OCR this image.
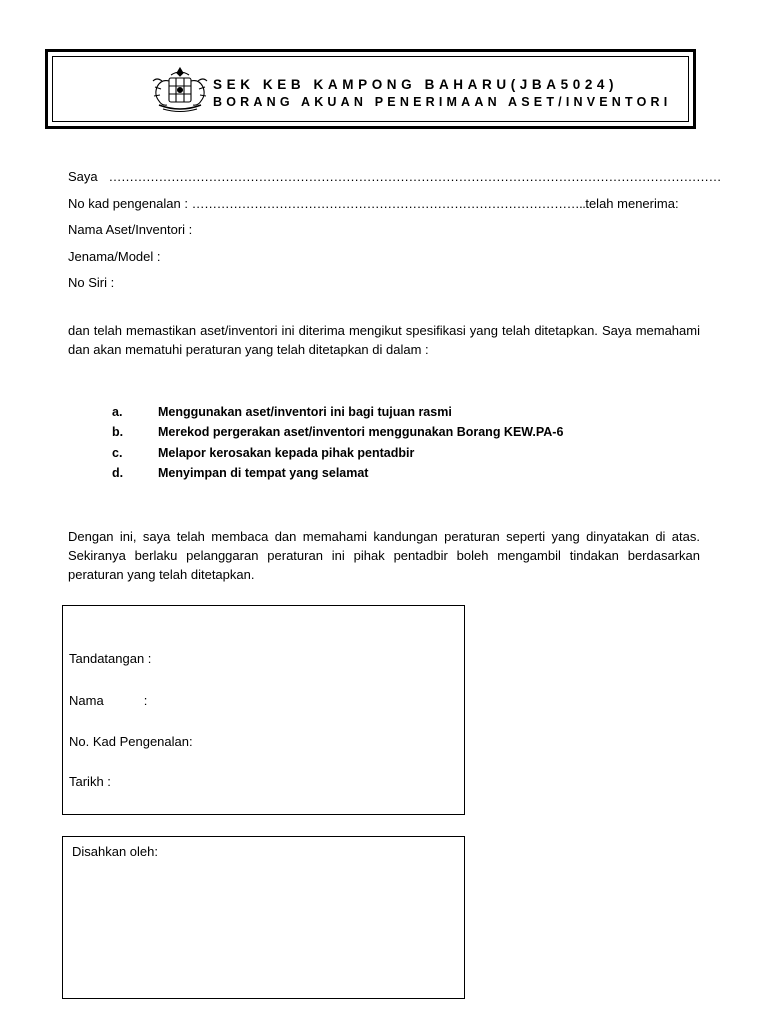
SEK KEB KAMPONG BAHARU(JBA5024)
BORANG AKUAN PENERIMAAN ASET/INVENTORI
Saya …………………………………………………………………………………………………………………………………
No kad pengenalan : …………………………………………………………………………………..telah menerima:
Nama Aset/Inventori :
Jenama/Model :
No Siri :
dan telah memastikan aset/inventori ini diterima mengikut spesifikasi yang telah ditetapkan. Saya memahami dan akan mematuhi peraturan yang telah ditetapkan di dalam :
a.	Menggunakan aset/inventori ini bagi tujuan rasmi
b.	Merekod pergerakan aset/inventori menggunakan Borang KEW.PA-6
c.	Melapor kerosakan kepada pihak pentadbir
d.	Menyimpan di tempat yang selamat
Dengan ini, saya telah membaca dan memahami kandungan peraturan seperti yang dinyatakan di atas. Sekiranya berlaku pelanggaran peraturan ini pihak pentadbir boleh mengambil tindakan berdasarkan peraturan yang telah ditetapkan.
Tandatangan :
Nama	:
No. Kad Pengenalan:
Tarikh :
Disahkan oleh:
